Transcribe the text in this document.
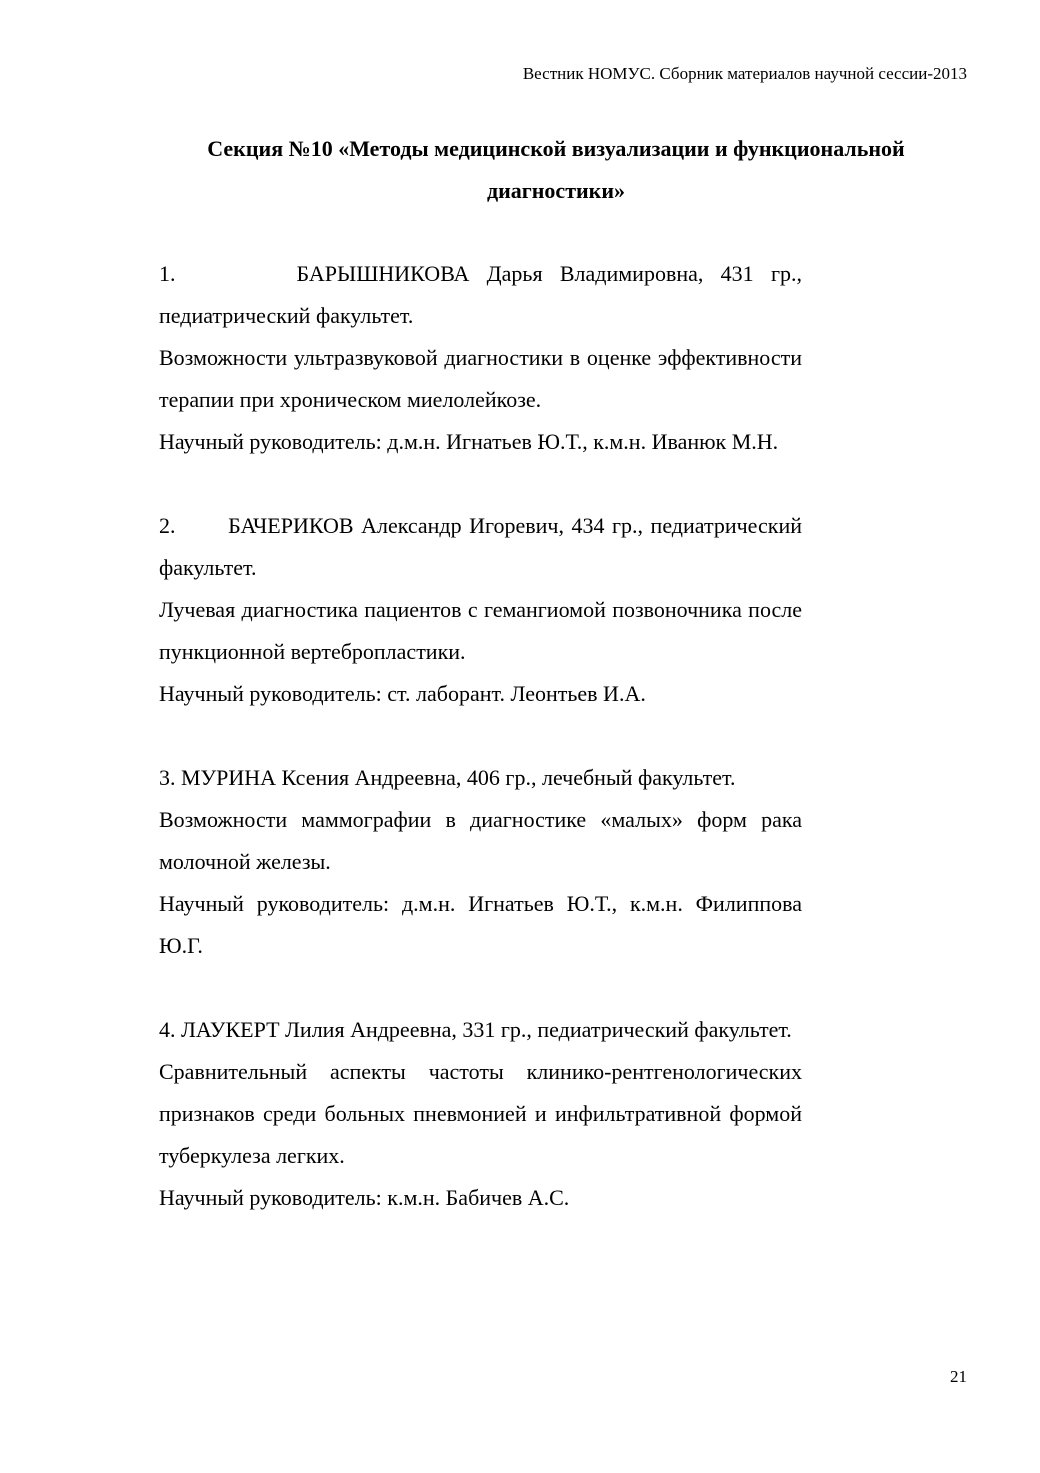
Вестник НОМУС. Сборник материалов научной сессии-2013
Секция №10 «Методы медицинской визуализации и функциональной диагностики»

1.       БАРЫШНИКОВА Дарья Владимировна, 431 гр., педиатрический факультет.

Возможности ультразвуковой диагностики в оценке эффективности терапии при хроническом миелолейкозе.

Научный руководитель: д.м.н. Игнатьев Ю.Т., к.м.н. Иванюк М.Н.

2.       БАЧЕРИКОВ Александр Игоревич, 434 гр., педиатрический факультет.

Лучевая диагностика пациентов с гемангиомой позвоночника после пункционной вертебропластики.

Научный руководитель: ст. лаборант. Леонтьев И.А.

3. МУРИНА Ксения Андреевна, 406 гр., лечебный факультет.

Возможности маммографии в диагностике «малых» форм рака молочной железы.

Научный руководитель: д.м.н. Игнатьев Ю.Т., к.м.н. Филиппова Ю.Г.

4. ЛАУКЕРТ Лилия Андреевна, 331 гр., педиатрический факультет.

Сравнительный аспекты частоты клинико-рентгенологических признаков среди больных пневмонией и инфильтративной формой туберкулеза легких.

Научный руководитель: к.м.н. Бабичев А.С.

21
